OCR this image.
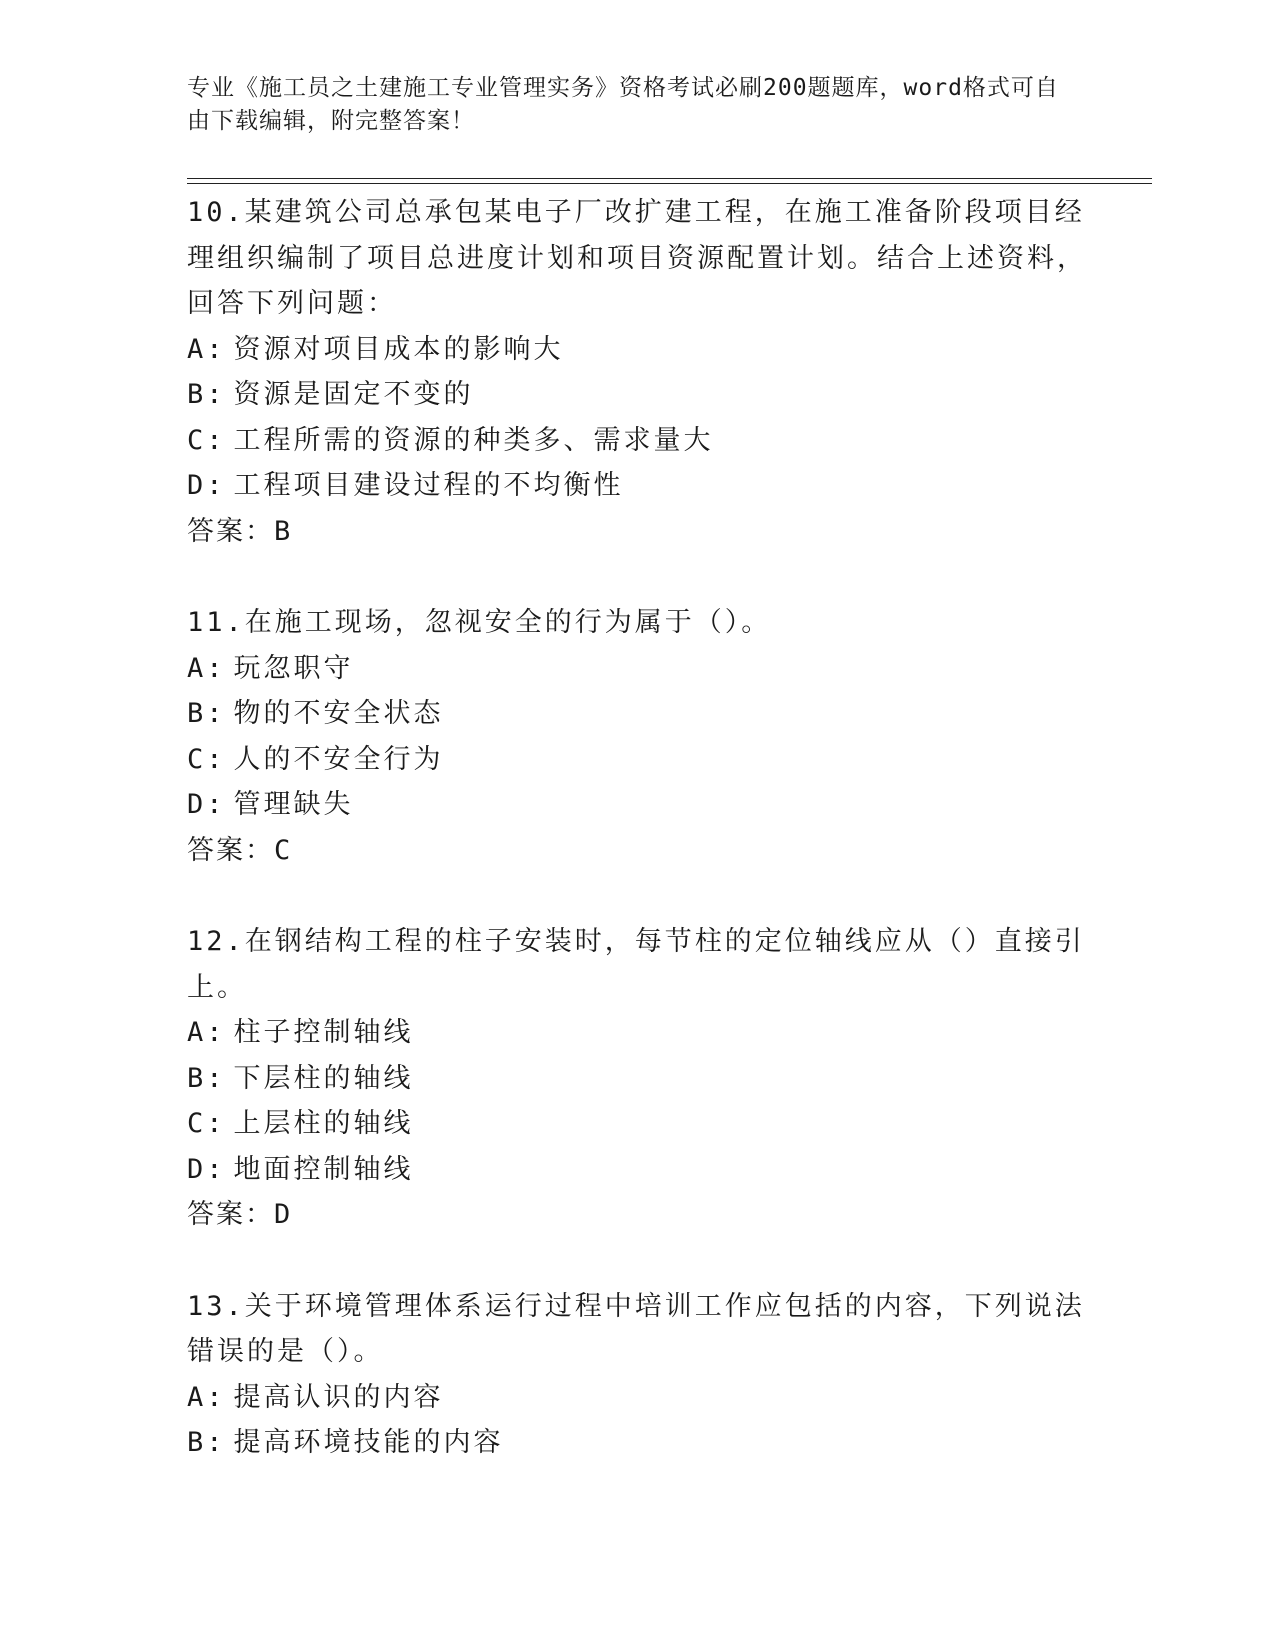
专业《施工员之土建施工专业管理实务》资格考试必刷200题题库，word格式可自由下载编辑，附完整答案！

10.某建筑公司总承包某电子厂改扩建工程，在施工准备阶段项目经理组织编制了项目总进度计划和项目资源配置计划。结合上述资料，回答下列问题：

A: 资源对项目成本的影响大

B: 资源是固定不变的

C: 工程所需的资源的种类多、需求量大

D: 工程项目建设过程的不均衡性

答案：B

11.在施工现场，忽视安全的行为属于（）。

A: 玩忽职守

B: 物的不安全状态

C: 人的不安全行为

D: 管理缺失

答案：C

12.在钢结构工程的柱子安装时，每节柱的定位轴线应从（）直接引上。

A: 柱子控制轴线

B: 下层柱的轴线

C: 上层柱的轴线

D: 地面控制轴线

答案：D

13.关于环境管理体系运行过程中培训工作应包括的内容，下列说法错误的是（）。

A: 提高认识的内容

B: 提高环境技能的内容
